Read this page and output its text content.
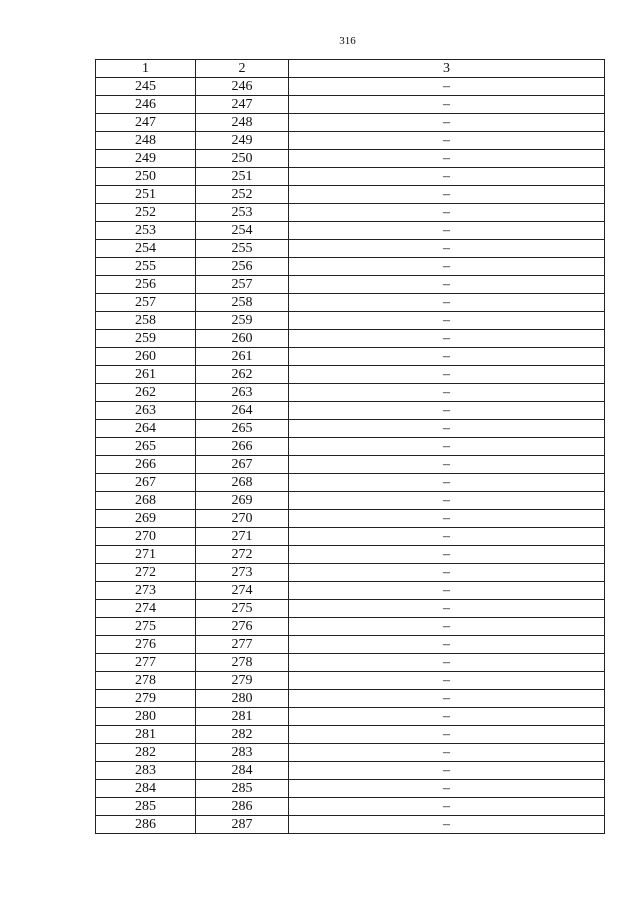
316
1	2	3
245	246	–
246	247	–
247	248	–
248	249	–
249	250	–
250	251	–
251	252	–
252	253	–
253	254	–
254	255	–
255	256	–
256	257	–
257	258	–
258	259	–
259	260	–
260	261	–
261	262	–
262	263	–
263	264	–
264	265	–
265	266	–
266	267	–
267	268	–
268	269	–
269	270	–
270	271	–
271	272	–
272	273	–
273	274	–
274	275	–
275	276	–
276	277	–
277	278	–
278	279	–
279	280	–
280	281	–
281	282	–
282	283	–
283	284	–
284	285	–
285	286	–
286	287	–
